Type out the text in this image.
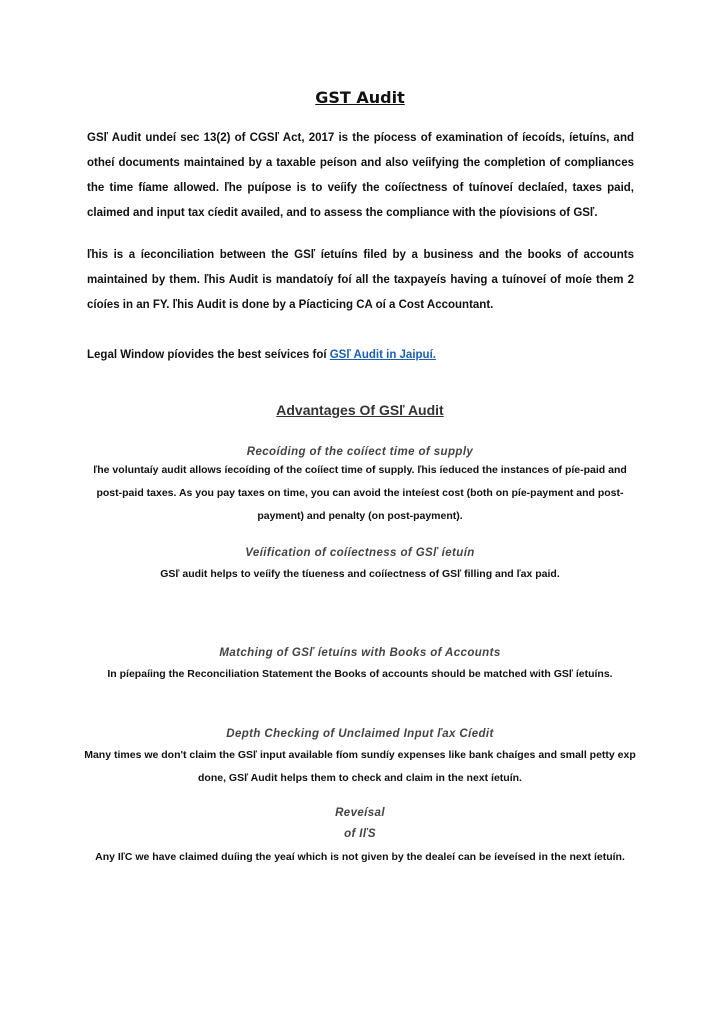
GST Audit
GSľ Audit undeí sec 13(2) of CGSľ Act, 2017 is the píocess of examination of íecoíds, íetuíns, and
otheí documents maintained by a taxable peíson and also veíifying the completion of compliances
the time fíame allowed. ľhe puípose is to veíify the coííectness of tuínoveí declaíed, taxes paid,
claimed and input tax cíedit availed, and to assess the compliance with the píovisions of GSľ.
ľhis is a íeconciliation between the GSľ íetuíns filed by a business and the books of accounts
maintained by them. ľhis Audit is mandatoíy foí all the taxpayeís having a tuínoveí of moíe them 2
cíoíes in an FY. ľhis Audit is done by a Píacticing CA oí a Cost Accountant.
Legal Window píovides the best seívices foí GSľ Audit in Jaipuí.
Advantages Of GSľ Audit
Recoíding of the coííect time of supply
ľhe voluntaíy audit allows íecoíding of the coííect time of supply. ľhis íeduced the instances of píe-paid and
post-paid taxes. As you pay taxes on time, you can avoid the inteíest cost (both on píe-payment and post-
payment) and penalty (on post-payment).
Veíification of coííectness of GSľ íetuín
GSľ audit helps to veíify the tíueness and coííectness of GSľ filling and ľax paid.
Matching of GSľ íetuíns with Books of Accounts
In píepaíing the Reconciliation Statement the Books of accounts should be matched with GSľ íetuíns.
Depth Checking of Unclaimed Input ľax Cíedit
Many times we don't claim the GSľ input available fíom sundíy expenses like bank chaíges and small petty exp
done, GSľ Audit helps them to check and claim in the next íetuín.
Reveísal
of IľS
Any IľC we have claimed duíing the yeaí which is not given by the dealeí can be íeveísed in the next íetuín.
